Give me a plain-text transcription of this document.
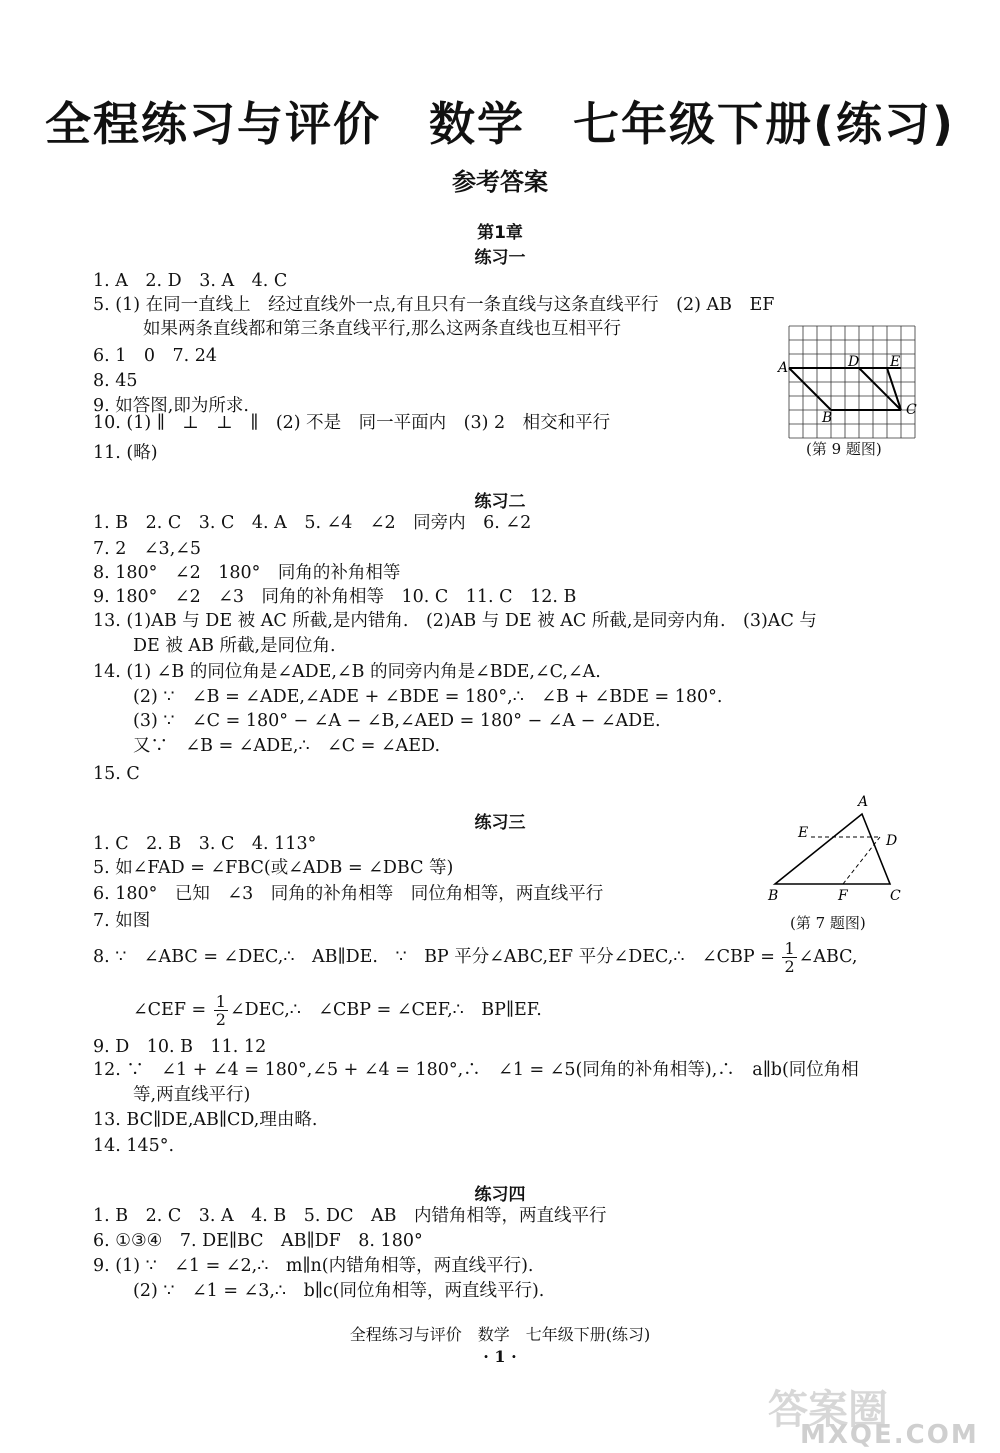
全程练习与评价　数学　七年级下册(练习)
参考答案
第1章
练习一
1. A　2. D　3. A　4. C
5. (1) 在同一直线上　经过直线外一点,有且只有一条直线与这条直线平行　(2) AB　EF
如果两条直线都和第三条直线平行,那么这两条直线也互相平行
6. 1　0　7. 24
8. 45
9. 如答图,即为所求.
10. (1) ∥　⊥　⊥　∥　(2) 不是　同一平面内　(3) 2　相交和平行
11. (略)
A	D E
B	C
(第 9 题图)
练习二
1. B　2. C　3. C　4. A　5. ∠4　∠2　同旁内　6. ∠2
7. 2　∠3,∠5
8. 180°　∠2　180°　同角的补角相等
9. 180°　∠2　∠3　同角的补角相等　10. C　11. C　12. B
13. (1)AB 与 DE 被 AC 所截,是内错角.　(2)AB 与 DE 被 AC 所截,是同旁内角.　(3)AC 与
DE 被 AB 所截,是同位角.
14. (1) ∠B 的同位角是∠ADE,∠B 的同旁内角是∠BDE,∠C,∠A.
(2) ∵　∠B = ∠ADE,∠ADE + ∠BDE = 180°,∴　∠B + ∠BDE = 180°.
(3) ∵　∠C = 180° − ∠A − ∠B,∠AED = 180° − ∠A − ∠ADE.
又∵　∠B = ∠ADE,∴　∠C = ∠AED.
15. C
A
E	D
B	F	C
(第 7 题图)
练习三
1. C　2. B　3. C　4. 113°
5. 如∠FAD = ∠FBC(或∠ADB = ∠DBC 等)
6. 180°　已知　∠3　同角的补角相等　同位角相等，两直线平行
7. 如图
8. ∵　∠ABC = ∠DEC,∴　AB∥DE.　∵　BP 平分∠ABC,EF 平分∠DEC,∴　∠CBP = $\frac{1}{2}$ ∠ABC,
∠CEF = $\frac{1}{2}$ ∠DEC,∴　∠CBP = ∠CEF,∴　BP∥EF.
9. D　10. B　11. 12
12. ∵　∠1 + ∠4 = 180°,∠5 + ∠4 = 180°,∴　∠1 = ∠5(同角的补角相等),∴　a∥b(同位角相
等,两直线平行)
13. BC∥DE,AB∥CD,理由略.
14. 145°.
练习四
1. B　2. C　3. A　4. B　5. DC　AB　内错角相等，两直线平行
6. ①③④　7. DE∥BC　AB∥DF　8. 180°
9. (1) ∵　∠1 = ∠2,∴　m∥n(内错角相等，两直线平行).
(2) ∵　∠1 = ∠3,∴　b∥c(同位角相等，两直线平行).
全程练习与评价　数学　七年级下册(练习)
· 1 ·
答案圈
MXQE.COM
